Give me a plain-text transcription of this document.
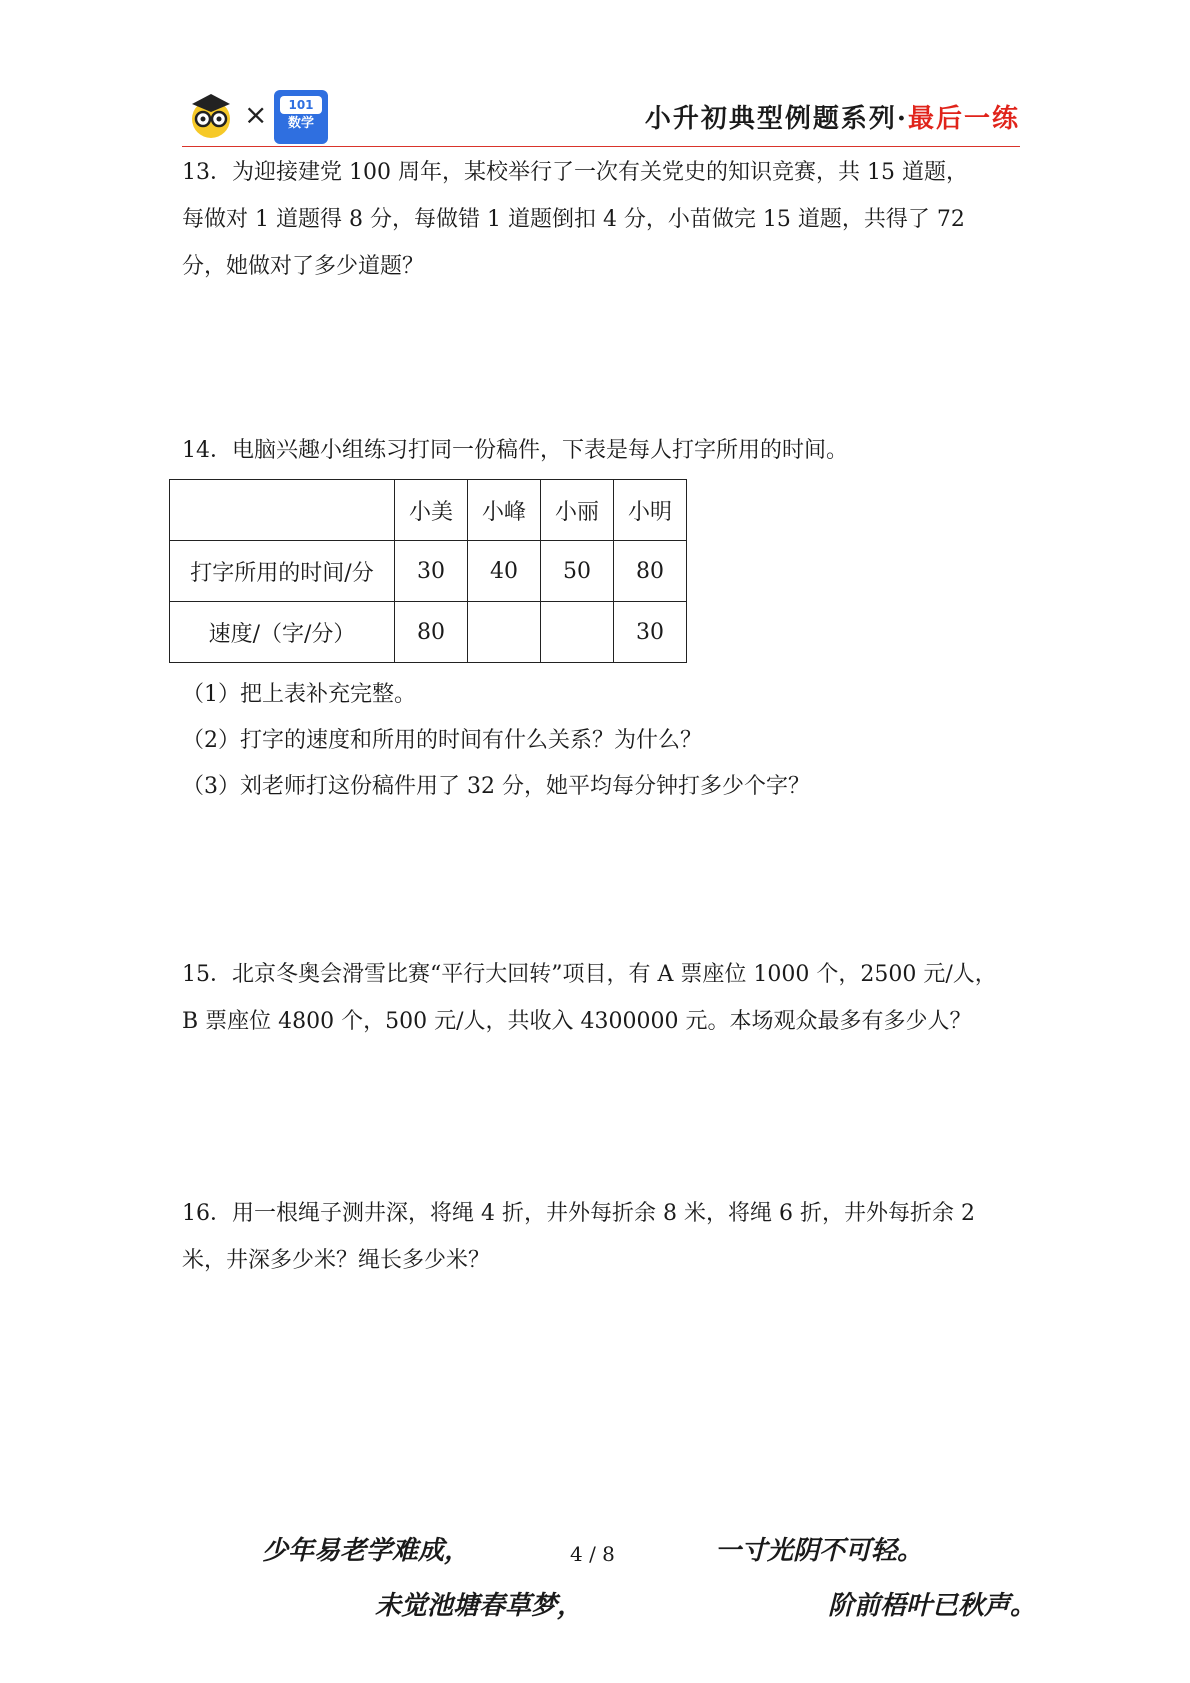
×	101
数学	小升初典型例题系列·最后一练

13．为迎接建党 100 周年，某校举行了一次有关党史的知识竞赛，共 15 道题，

每做对 1 道题得 8 分，每做错 1 道题倒扣 4 分，小苗做完 15 道题，共得了 72

分，她做对了多少道题？

14．电脑兴趣小组练习打同一份稿件，下表是每人打字所用的时间。

	小美	小峰	小丽	小明
打字所用的时间/分	30	40	50	80
速度/（字/分）	80			30
（1）把上表补充完整。
（2）打字的速度和所用的时间有什么关系？为什么？
（3）刘老师打这份稿件用了 32 分，她平均每分钟打多少个字？

15．北京冬奥会滑雪比赛“平行大回转”项目，有 A 票座位 1000 个，2500 元/人，

B 票座位 4800 个，500 元/人，共收入 4300000 元。本场观众最多有多少人？

16．用一根绳子测井深，将绳 4 折，井外每折余 8 米，将绳 6 折，井外每折余 2

米，井深多少米？绳长多少米？

少年易老学难成，	4 / 8	一寸光阴不可轻。
未觉池塘春草梦，	阶前梧叶已秋声。
